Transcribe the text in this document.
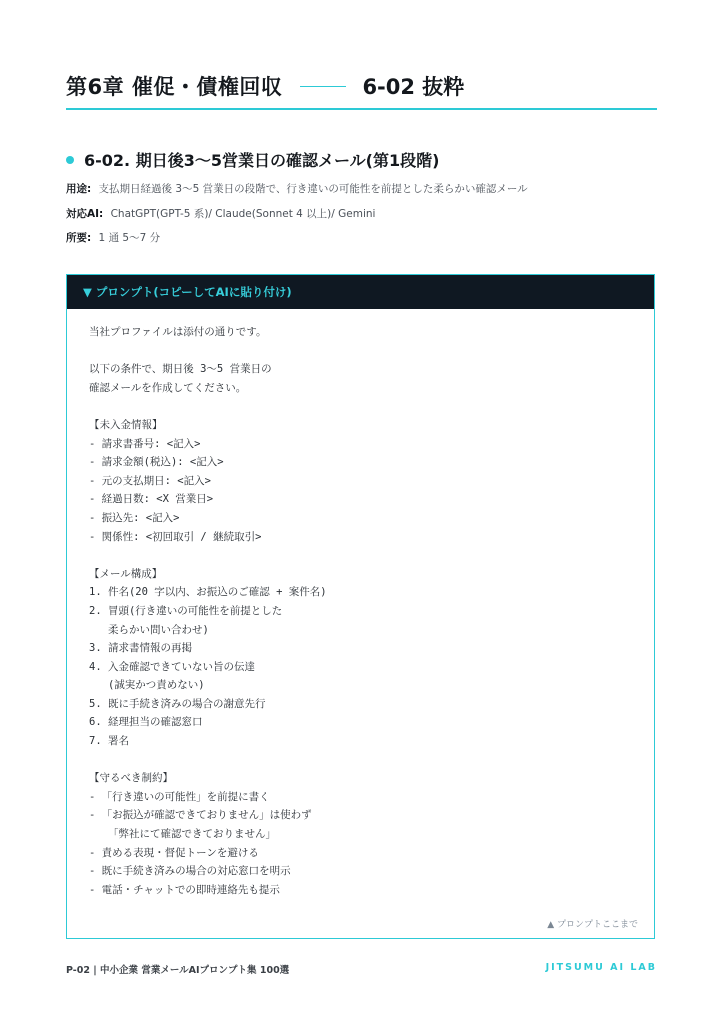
第6章 催促・債権回収	6-02 抜粋
6-02. 期日後3〜5営業日の確認メール(第1段階)
用途: 支払期日経過後 3〜5 営業日の段階で、行き違いの可能性を前提とした柔らかい確認メール
対応AI: ChatGPT(GPT-5 系)/ Claude(Sonnet 4 以上)/ Gemini
所要: 1 通 5〜7 分
▼ プロンプト(コピーしてAIに貼り付け)
当社プロファイルは添付の通りです。
以下の条件で、期日後 3〜5 営業日の
確認メールを作成してください。
【未入金情報】
- 請求書番号: <記入>
- 請求金額(税込): <記入>
- 元の支払期日: <記入>
- 経過日数: <X 営業日>
- 振込先: <記入>
- 関係性: <初回取引 / 継続取引>
【メール構成】
1. 件名(20 字以内、お振込のご確認 + 案件名)
2. 冒頭(行き違いの可能性を前提とした
柔らかい問い合わせ)
3. 請求書情報の再掲
4. 入金確認できていない旨の伝達
(誠実かつ責めない)
5. 既に手続き済みの場合の謝意先行
6. 経理担当の確認窓口
7. 署名
【守るべき制約】
- 「行き違いの可能性」を前提に書く
- 「お振込が確認できておりません」は使わず
「弊社にて確認できておりません」
- 責める表現・督促トーンを避ける
- 既に手続き済みの場合の対応窓口を明示
- 電話・チャットでの即時連絡先も提示
▲ プロンプトここまで
P-02 | 中小企業 営業メールAIプロンプト集 100選	JITSUMU AI LAB
